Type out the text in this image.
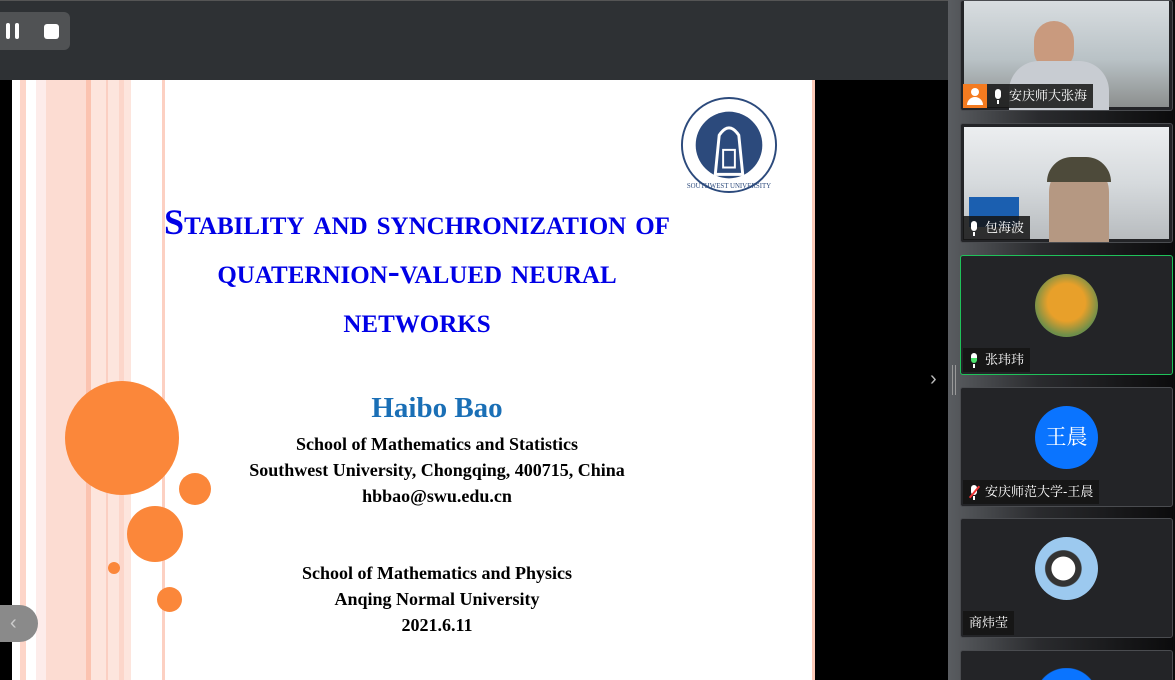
SOUTHWEST UNIVERSITY
Stability and synchronization of
quaternion-valued neural
networks
Haibo Bao
School of Mathematics and Statistics
Southwest University, Chongqing, 400715, China
hbbao@swu.edu.cn
School of Mathematics and Physics
Anqing Normal University
2021.6.11
‹
›
安庆师大张海
包海波
张玮玮
王晨
安庆师范大学-王晨
商炜莹
